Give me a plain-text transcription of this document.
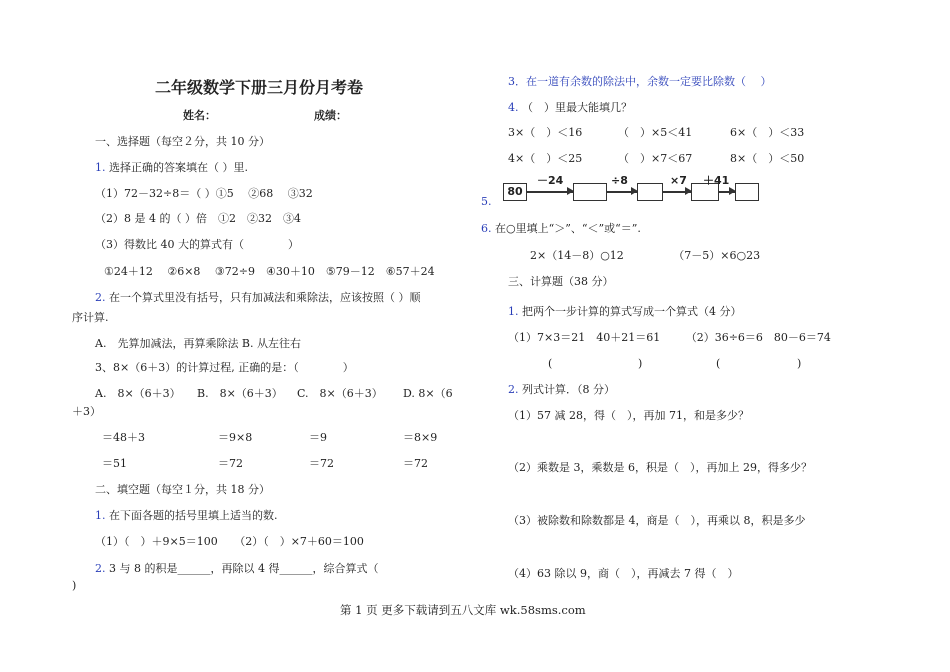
二年级数学下册三月份月考卷
姓名：	成绩：
一、选择题（每空２分，共 10 分）
1. 选择正确的答案填在（ ）里.
（1）72－32÷8＝（ ）①5　 ②68　 ③32
（2）8 是 4 的（ ）倍　①2　②32　③4
（3）得数比 40 大的算式有（　　　　）
①24＋12　 ②6×8　 ③72÷9　④30＋10　⑤79－12　⑥57＋24
2. 在一个算式里没有括号，只有加减法和乘除法，应该按照（ ）顺
序计算.
A.　先算加减法，再算乘除法 B. 从左往右
3、8×（6＋3）的计算过程, 正确的是：（　　　　）
A.　8×（6＋3） B.　8×（6＋3） C.　8×（6＋3） D. 8×（6
＋3）
＝48＋3	＝9×8	＝9	＝8×9
＝51	＝72	＝72	＝72
二、填空题（每空１分，共 18 分）
1. 在下面各题的括号里填上适当的数.
（1）（　）＋9×5＝100　　（2）（　）×7＋60＝100
2. 3 与 8 的积是______，再除以 4 得______，综合算式（
)
3．在一道有余数的除法中，余数一定要比除数（　 ）
4. （　）里最大能填几？
3×（　）＜16	（　）×5＜41	6×（　）＜33
4×（　）＜25	（　）×7＜67	8×（　）＜50
5.
80
－24	÷8	×7 ＋41
6. 在○里填上“＞”、“＜”或“＝”.
2×（14－8）○12　　　　　（7－5）×6○23
三、计算题（38 分）
1. 把两个一步计算的算式写成一个算式（4 分）
（1）7×3＝21　40＋21＝61　　 （2）36÷6＝6　80－6＝74
(	)	(	)
2. 列式计算．（8 分）
（1）57 减 28，得（　），再加 71，和是多少？
（2）乘数是 3，乘数是 6，积是（　），再加上 29，得多少？
（3）被除数和除数都是 4，商是（　），再乘以 8，积是多少
（4）63 除以 9，商（　），再减去 7 得（　）
第 1 页 更多下载请到五八文库 wk.58sms.com
